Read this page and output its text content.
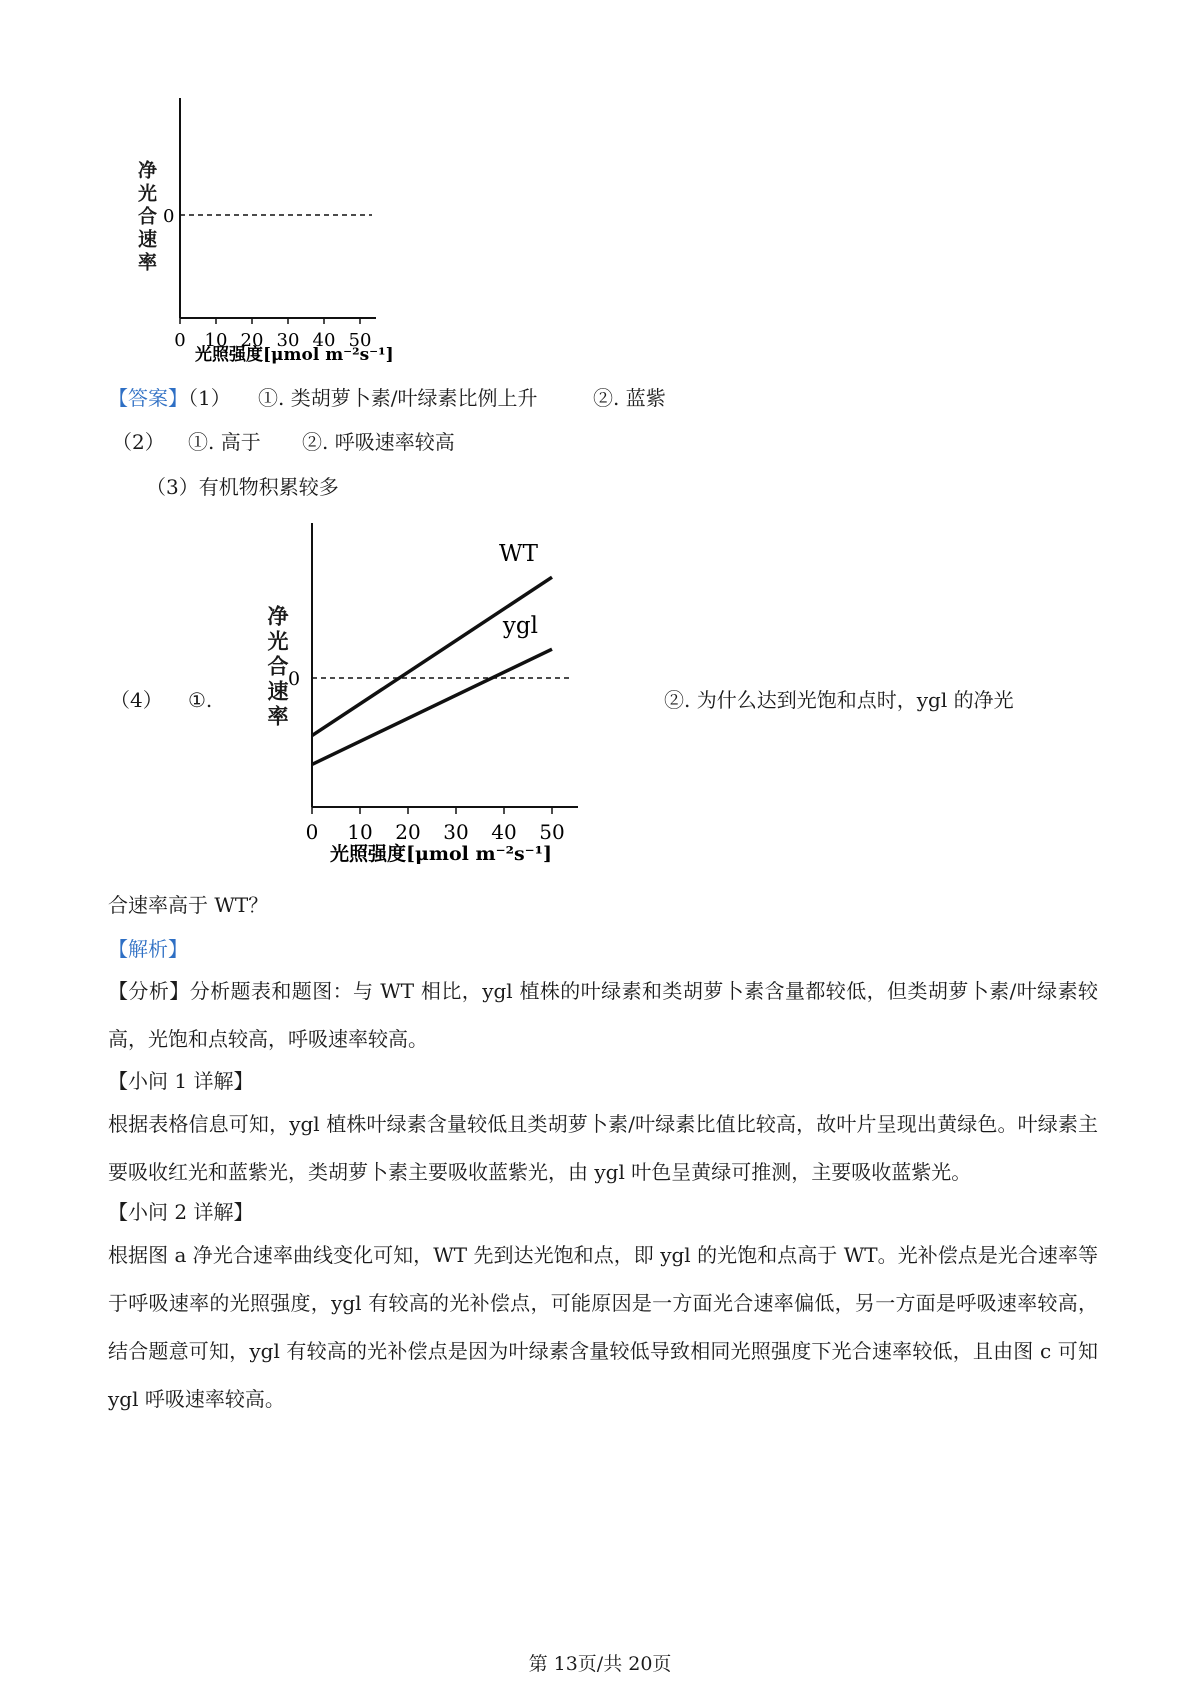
0
0 10 20 30 40 50
光照强度[μmol m⁻²s⁻¹]
净光合速率
【答案】（1） ①. 类胡萝卜素/叶绿素比例上升	②. 蓝紫
（2） ①. 高于 ②. 呼吸速率较高
（3）有机物积累较多
（4） ①.	②. 为什么达到光饱和点时，ygl 的净光
0
WT
ygl
0 10 20 30 40 50
光照强度[μmol m⁻²s⁻¹]
净光合速率
合速率高于 WT？
【解析】
【分析】分析题表和题图：与 WT 相比，ygl 植株的叶绿素和类胡萝卜素含量都较低，但类胡萝卜素/叶绿素较高，光饱和点较高，呼吸速率较高。
【小问 1 详解】
根据表格信息可知，ygl 植株叶绿素含量较低且类胡萝卜素/叶绿素比值比较高，故叶片呈现出黄绿色。叶绿素主要吸收红光和蓝紫光，类胡萝卜素主要吸收蓝紫光，由 ygl 叶色呈黄绿可推测，主要吸收蓝紫光。
【小问 2 详解】
根据图 a 净光合速率曲线变化可知，WT 先到达光饱和点，即 ygl 的光饱和点高于 WT。光补偿点是光合速率等于呼吸速率的光照强度，ygl 有较高的光补偿点，可能原因是一方面光合速率偏低，另一方面是呼吸速率较高，结合题意可知，ygl 有较高的光补偿点是因为叶绿素含量较低导致相同光照强度下光合速率较低，且由图 c 可知 ygl 呼吸速率较高。
第 13页/共 20页
